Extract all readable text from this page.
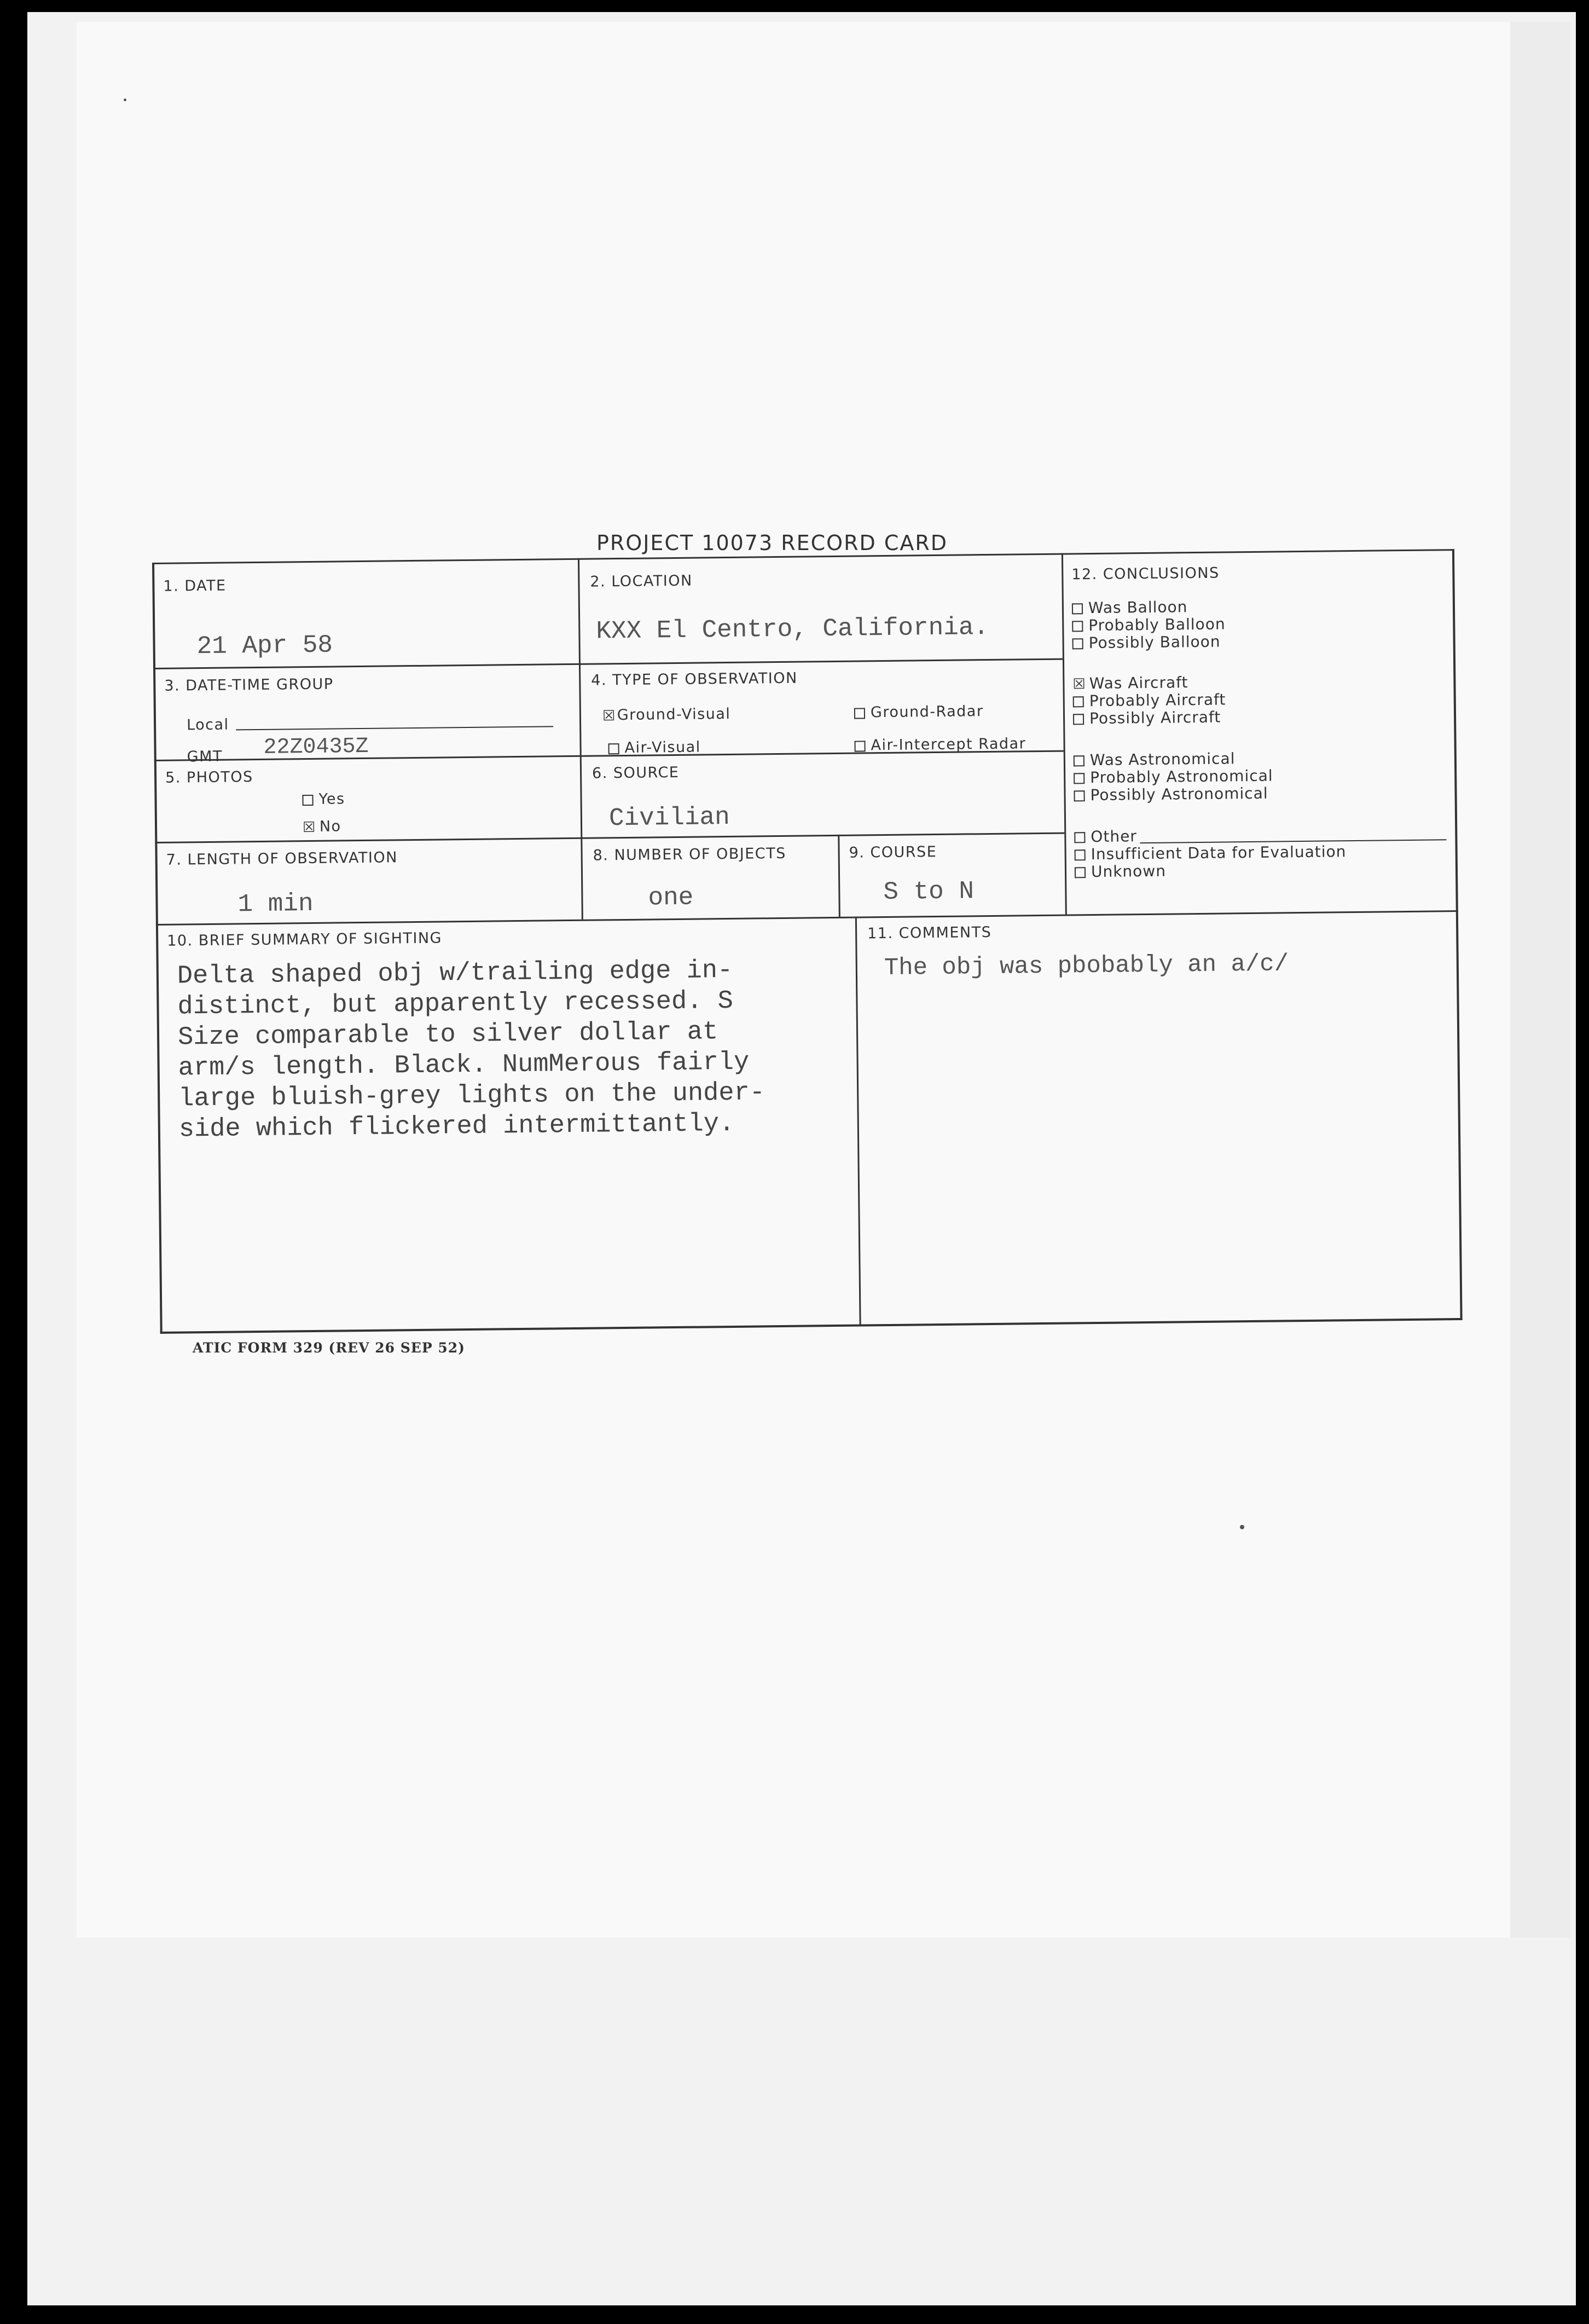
PROJECT 10073 RECORD CARD
1. DATE
21 Apr 58
2. LOCATION
KXX El Centro, California.
3. DATE-TIME GROUP
Local
GMT 22Z0435Z
4. TYPE OF OBSERVATION
☒Ground-Visual	Ground-Radar
Air-Visual	Air-Intercept Radar
5. PHOTOS
Yes
☒ No
6. SOURCE
Civilian
7. LENGTH OF OBSERVATION
1 min
8. NUMBER OF OBJECTS
one
9. COURSE
S to N
10. BRIEF SUMMARY OF SIGHTING
Delta shaped obj w/trailing edge in-
distinct, but apparently recessed. S
Size comparable to silver dollar at
arm/s length. Black. NumMerous fairly
large bluish-grey lights on the under-
side which flickered intermittantly.
11. COMMENTS
The obj was pbobably an a/c/
12. CONCLUSIONS
Was Balloon
Probably Balloon
Possibly Balloon
☒ Was Aircraft
Probably Aircraft
Possibly Aircraft
Was Astronomical
Probably Astronomical
Possibly Astronomical
Other
Insufficient Data for Evaluation
Unknown
ATIC FORM 329 (REV 26 SEP 52)
